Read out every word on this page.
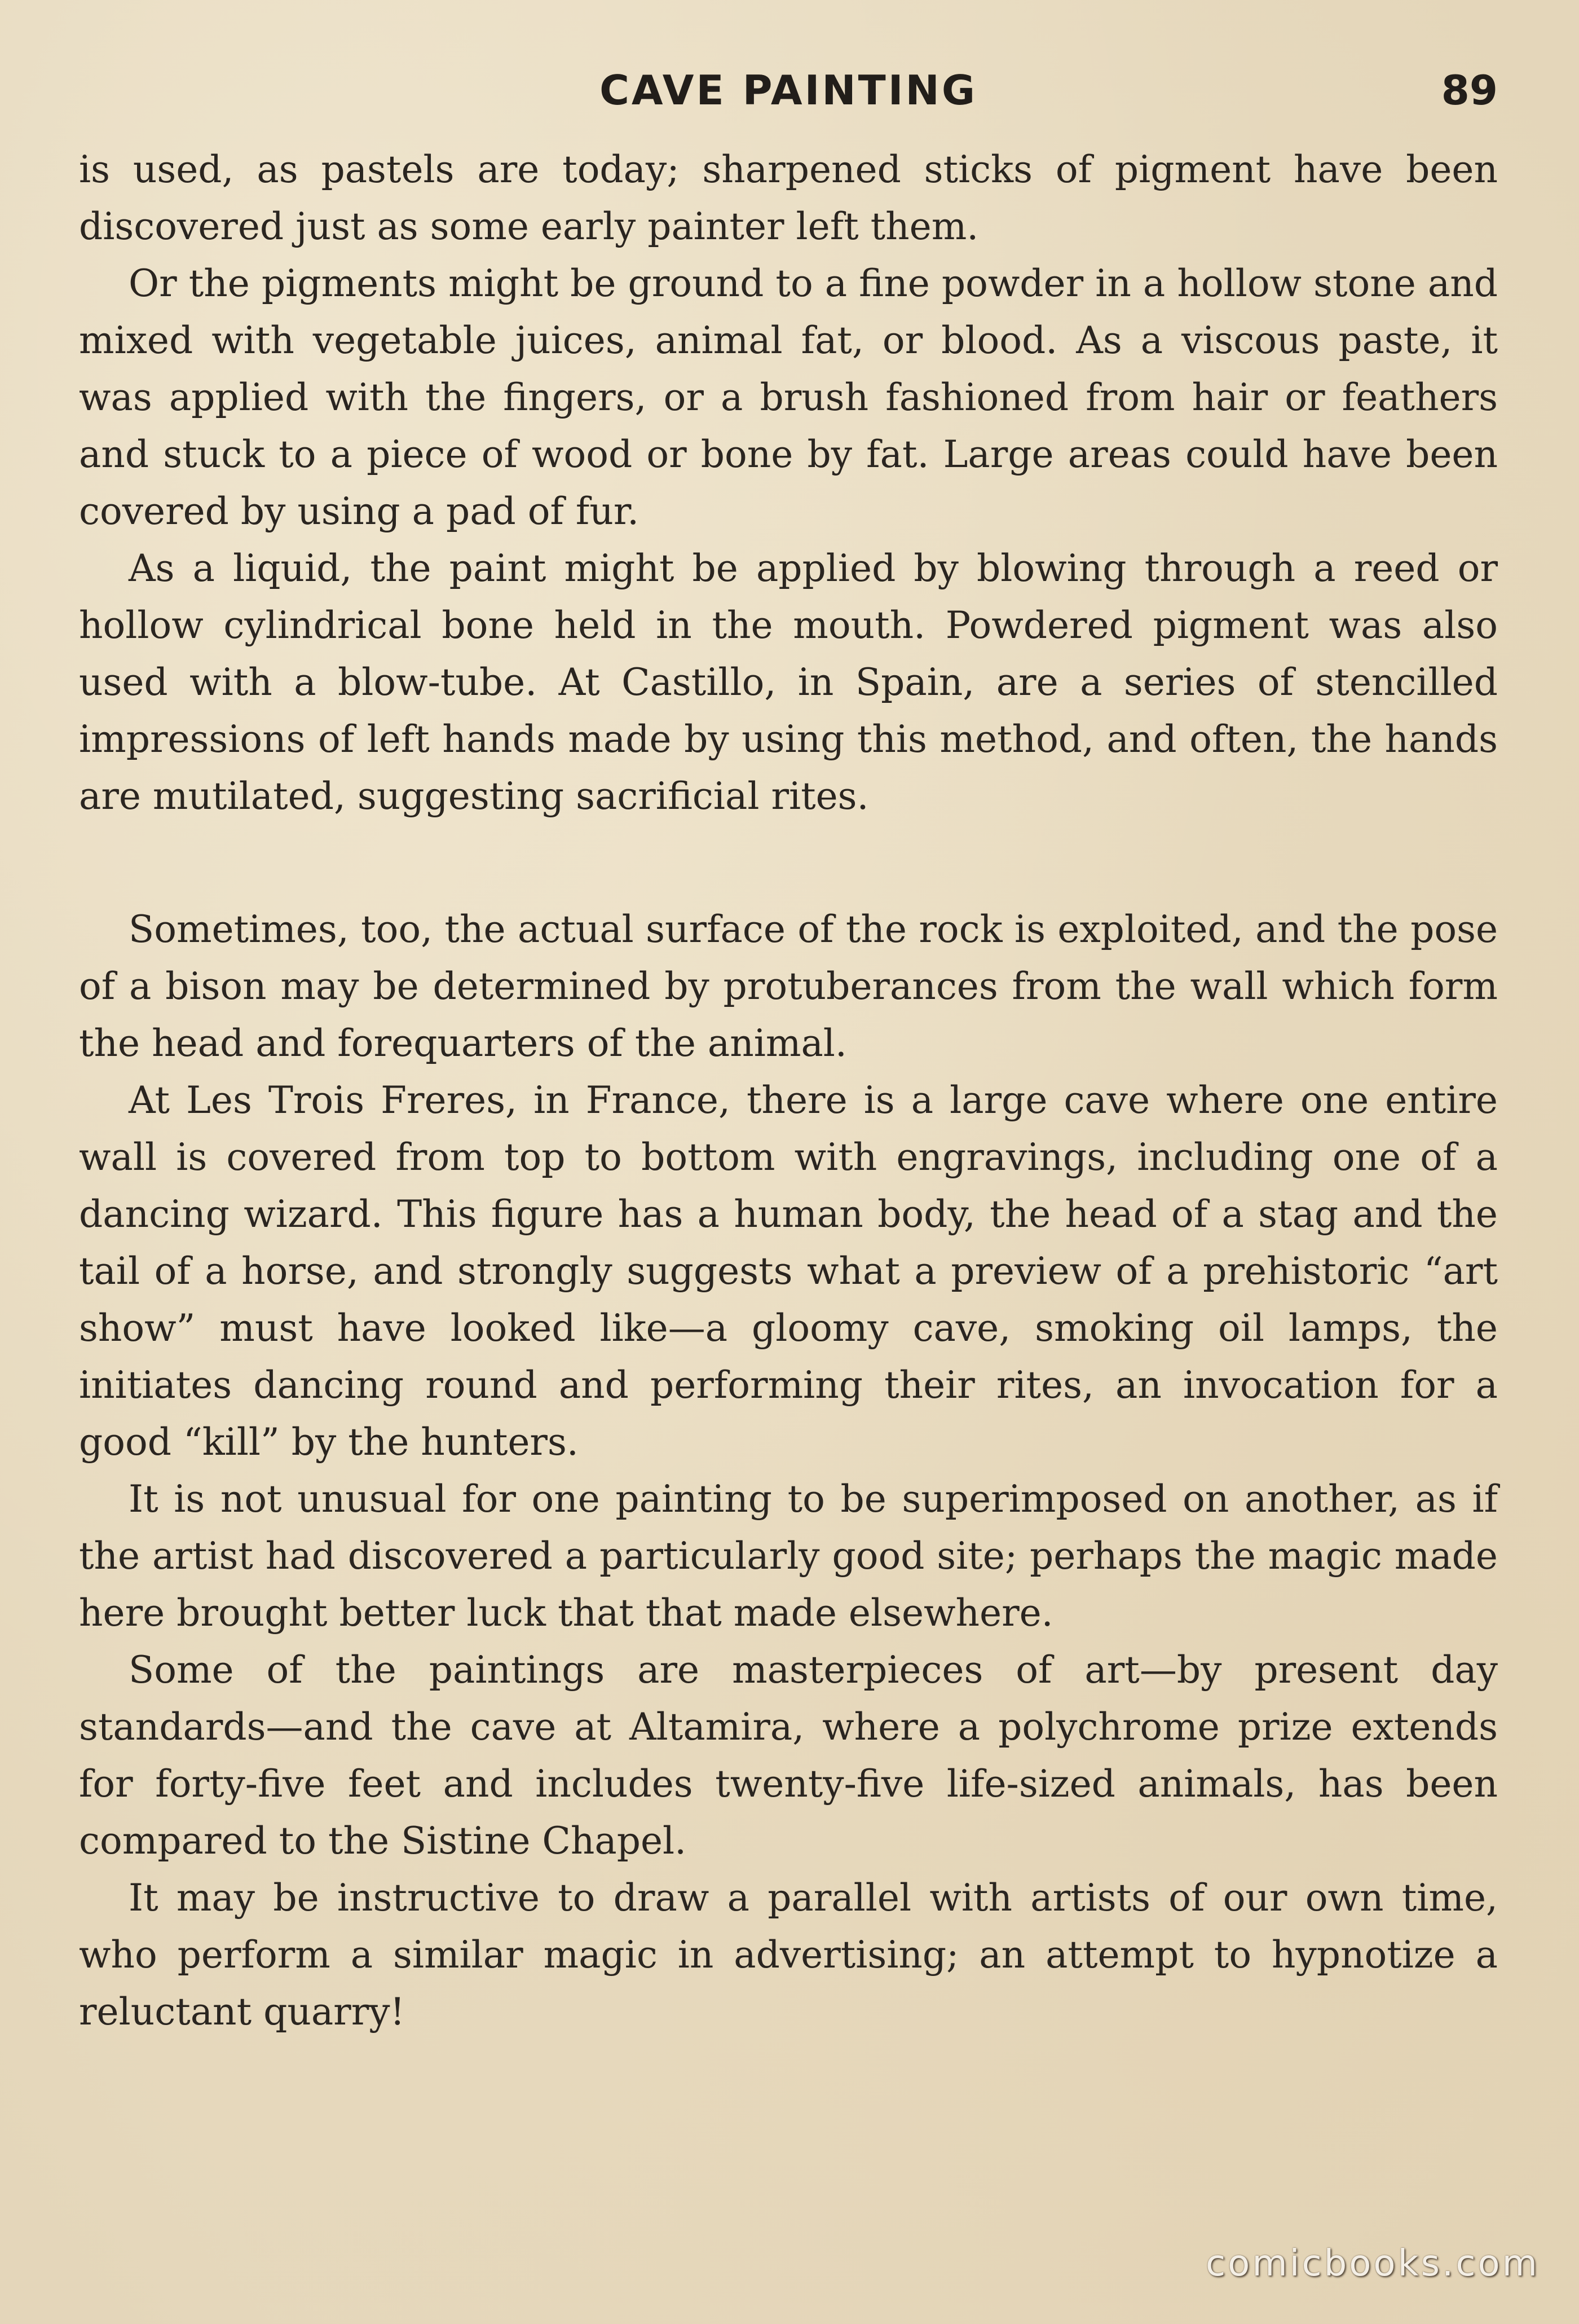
CAVE PAINTING	89

is used, as pastels are today; sharpened sticks of pigment have been discovered just as some early painter left them.

Or the pigments might be ground to a fine powder in a hollow stone and mixed with vegetable juices, animal fat, or blood. As a viscous paste, it was applied with the fingers, or a brush fashioned from hair or feathers and stuck to a piece of wood or bone by fat. Large areas could have been covered by using a pad of fur.

As a liquid, the paint might be applied by blowing through a reed or hollow cylindrical bone held in the mouth. Powdered pigment was also used with a blow-tube. At Castillo, in Spain, are a series of stencilled impressions of left hands made by using this method, and often, the hands are mutilated, suggesting sacrificial rites.

Sometimes, too, the actual surface of the rock is exploited, and the pose of a bison may be determined by protuberances from the wall which form the head and forequarters of the animal.

At Les Trois Freres, in France, there is a large cave where one entire wall is covered from top to bottom with engravings, including one of a dancing wizard. This figure has a human body, the head of a stag and the tail of a horse, and strongly suggests what a preview of a prehistoric “art show” must have looked like—a gloomy cave, smoking oil lamps, the initiates dancing round and performing their rites, an invocation for a good “kill” by the hunters.

It is not unusual for one painting to be superimposed on another, as if the artist had discovered a particularly good site; perhaps the magic made here brought better luck that that made elsewhere.

Some of the paintings are masterpieces of art—by present day standards—and the cave at Altamira, where a polychrome prize extends for forty-five feet and includes twenty-five life-sized animals, has been compared to the Sistine Chapel.

It may be instructive to draw a parallel with artists of our own time, who perform a similar magic in advertising; an attempt to hypnotize a reluctant quarry!

comicbooks.com
